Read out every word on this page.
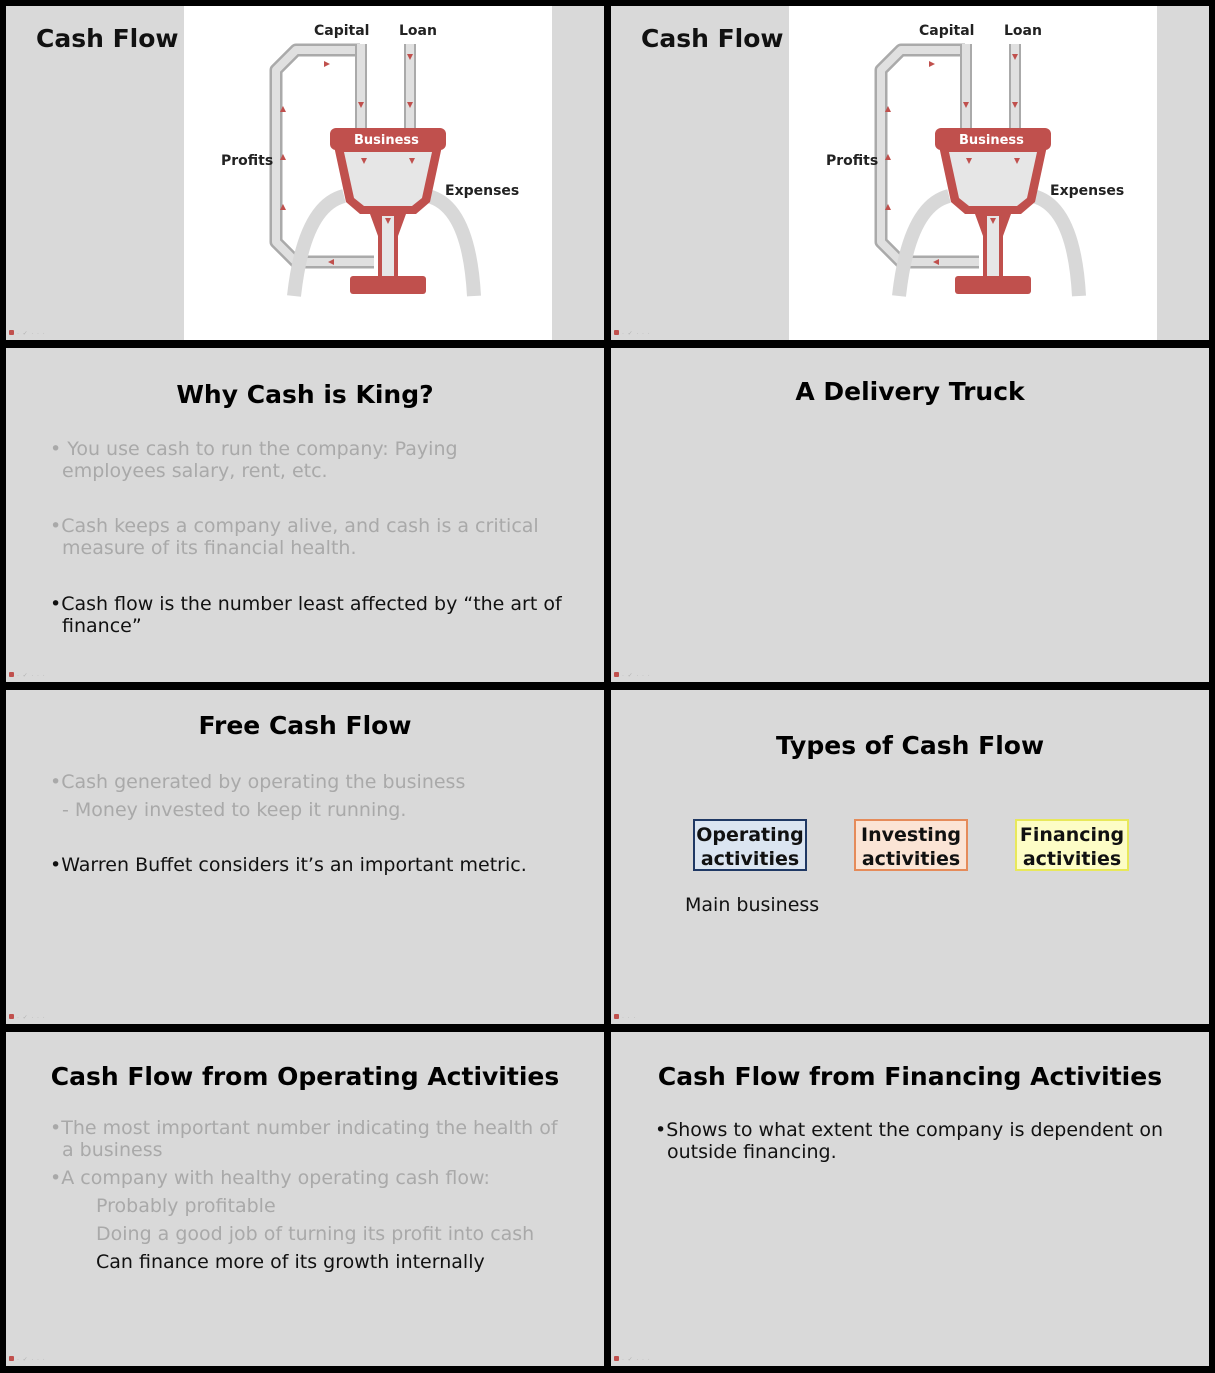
Cash Flow	Capital Loan
Business
Profits
Expenses
· ✓ · · ·
Cash Flow	Capital Loan
Business
Profits
Expenses
· ✓ · · ·
Why Cash is King?
• You use cash to run the company: Paying
employees salary, rent, etc.
•Cash keeps a company alive, and cash is a critical
measure of its financial health.
•Cash flow is the number least affected by “the art of
finance”
· ✓ · · ·
A Delivery Truck
· ✓ · · ·
Free Cash Flow
•Cash generated by operating the business
- Money invested to keep it running.
•Warren Buffet considers it’s an important metric.
· ✓ · · ·
Types of Cash Flow
Operating
activities
Investing
activities
Financing
activities
Main business
· · ·
Cash Flow from Operating Activities
•The most important number indicating the health of
a business
•A company with healthy operating cash flow:
Probably profitable
Doing a good job of turning its profit into cash
Can finance more of its growth internally
· ✓ · · ·
Cash Flow from Financing Activities
•Shows to what extent the company is dependent on
outside financing.
· ✓ · · ·
